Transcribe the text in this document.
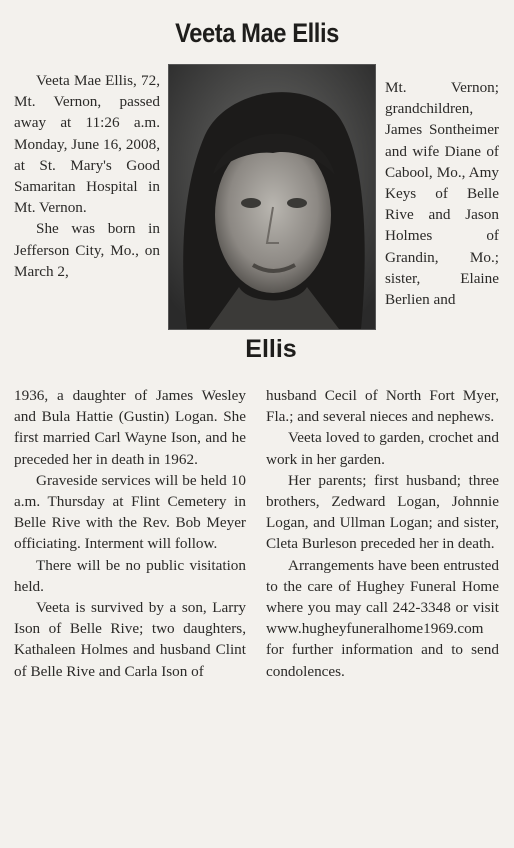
Veeta Mae Ellis

Veeta Mae Ellis, 72, Mt. Vernon, passed away at 11:26 a.m. Monday, June 16, 2008, at St. Mary's Good Samaritan Hospital in Mt. Vernon.

She was born in Jefferson City, Mo., on March 2,

Ellis

Mt. Vernon; grandchildren, James Sontheimer and wife Diane of Cabool, Mo., Amy Keys of Belle Rive and Jason Holmes of Grandin, Mo.; sister, Elaine Berlien and

1936, a daughter of James Wesley and Bula Hattie (Gustin) Logan. She first married Carl Wayne Ison, and he preceded her in death in 1962.

Graveside services will be held 10 a.m. Thursday at Flint Cemetery in Belle Rive with the Rev. Bob Meyer officiating. Interment will follow.

There will be no public visitation held.

Veeta is survived by a son, Larry Ison of Belle Rive; two daughters, Kathaleen Holmes and husband Clint of Belle Rive and Carla Ison of

husband Cecil of North Fort Myer, Fla.; and several nieces and nephews.

Veeta loved to garden, crochet and work in her garden.

Her parents; first husband; three brothers, Zedward Logan, Johnnie Logan, and Ullman Logan; and sister, Cleta Burleson preceded her in death.

Arrangements have been entrusted to the care of Hughey Funeral Home where you may call 242-3348 or visit www.hugheyfuneralhome1969.com for further information and to send condolences.
